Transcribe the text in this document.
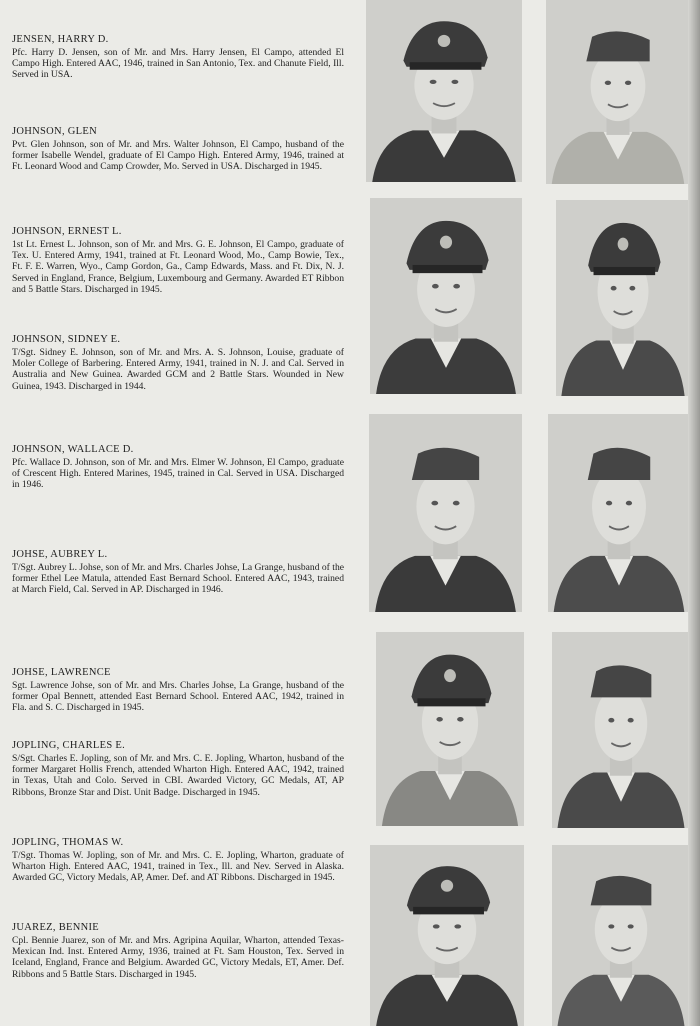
JENSEN, HARRY D.

Pfc. Harry D. Jensen, son of Mr. and Mrs. Harry Jensen, El Campo, attended El Campo High. Entered AAC, 1946, trained in San Antonio, Tex. and Chanute Field, Ill. Served in USA.

JOHNSON, GLEN

Pvt. Glen Johnson, son of Mr. and Mrs. Walter Johnson, El Campo, husband of the former Isabelle Wendel, graduate of El Campo High. Entered Army, 1946, trained at Ft. Leonard Wood and Camp Crowder, Mo. Served in USA. Discharged in 1945.

JOHNSON, ERNEST L.

1st Lt. Ernest L. Johnson, son of Mr. and Mrs. G. E. Johnson, El Campo, graduate of Tex. U. Entered Army, 1941, trained at Ft. Leonard Wood, Mo., Camp Bowie, Tex., Ft. F. E. Warren, Wyo., Camp Gordon, Ga., Camp Edwards, Mass. and Ft. Dix, N. J. Served in England, France, Belgium, Luxembourg and Germany. Awarded ET Ribbon and 5 Battle Stars. Discharged in 1945.

JOHNSON, SIDNEY E.

T/Sgt. Sidney E. Johnson, son of Mr. and Mrs. A. S. Johnson, Louise, graduate of Moler College of Barbering. Entered Army, 1941, trained in N. J. and Cal. Served in Australia and New Guinea. Awarded GCM and 2 Battle Stars. Wounded in New Guinea, 1943. Discharged in 1944.

JOHNSON, WALLACE D.

Pfc. Wallace D. Johnson, son of Mr. and Mrs. Elmer W. Johnson, El Campo, graduate of Crescent High. Entered Marines, 1945, trained in Cal. Served in USA. Discharged in 1946.

JOHSE, AUBREY L.

T/Sgt. Aubrey L. Johse, son of Mr. and Mrs. Charles Johse, La Grange, husband of the former Ethel Lee Matula, attended East Bernard School. Entered AAC, 1943, trained at March Field, Cal. Served in AP. Discharged in 1946.

JOHSE, LAWRENCE

Sgt. Lawrence Johse, son of Mr. and Mrs. Charles Johse, La Grange, husband of the former Opal Bennett, attended East Bernard School. Entered AAC, 1942, trained in Fla. and S. C. Discharged in 1945.

JOPLING, CHARLES E.

S/Sgt. Charles E. Jopling, son of Mr. and Mrs. C. E. Jopling, Wharton, husband of the former Margaret Hollis French, attended Wharton High. Entered AAC, 1942, trained in Texas, Utah and Colo. Served in CBI. Awarded Victory, GC Medals, AT, AP Ribbons, Bronze Star and Dist. Unit Badge. Discharged in 1945.

JOPLING, THOMAS W.

T/Sgt. Thomas W. Jopling, son of Mr. and Mrs. C. E. Jopling, Wharton, graduate of Wharton High. Entered AAC, 1941, trained in Tex., Ill. and Nev. Served in Alaska. Awarded GC, Victory Medals, AP, Amer. Def. and AT Ribbons. Discharged in 1945.

JUAREZ, BENNIE

Cpl. Bennie Juarez, son of Mr. and Mrs. Agripina Aquilar, Wharton, attended Texas-Mexican Ind. Inst. Entered Army, 1936, trained at Ft. Sam Houston, Tex. Served in Iceland, England, France and Belgium. Awarded GC, Victory Medals, ET, Amer. Def. Ribbons and 5 Battle Stars. Discharged in 1945.
